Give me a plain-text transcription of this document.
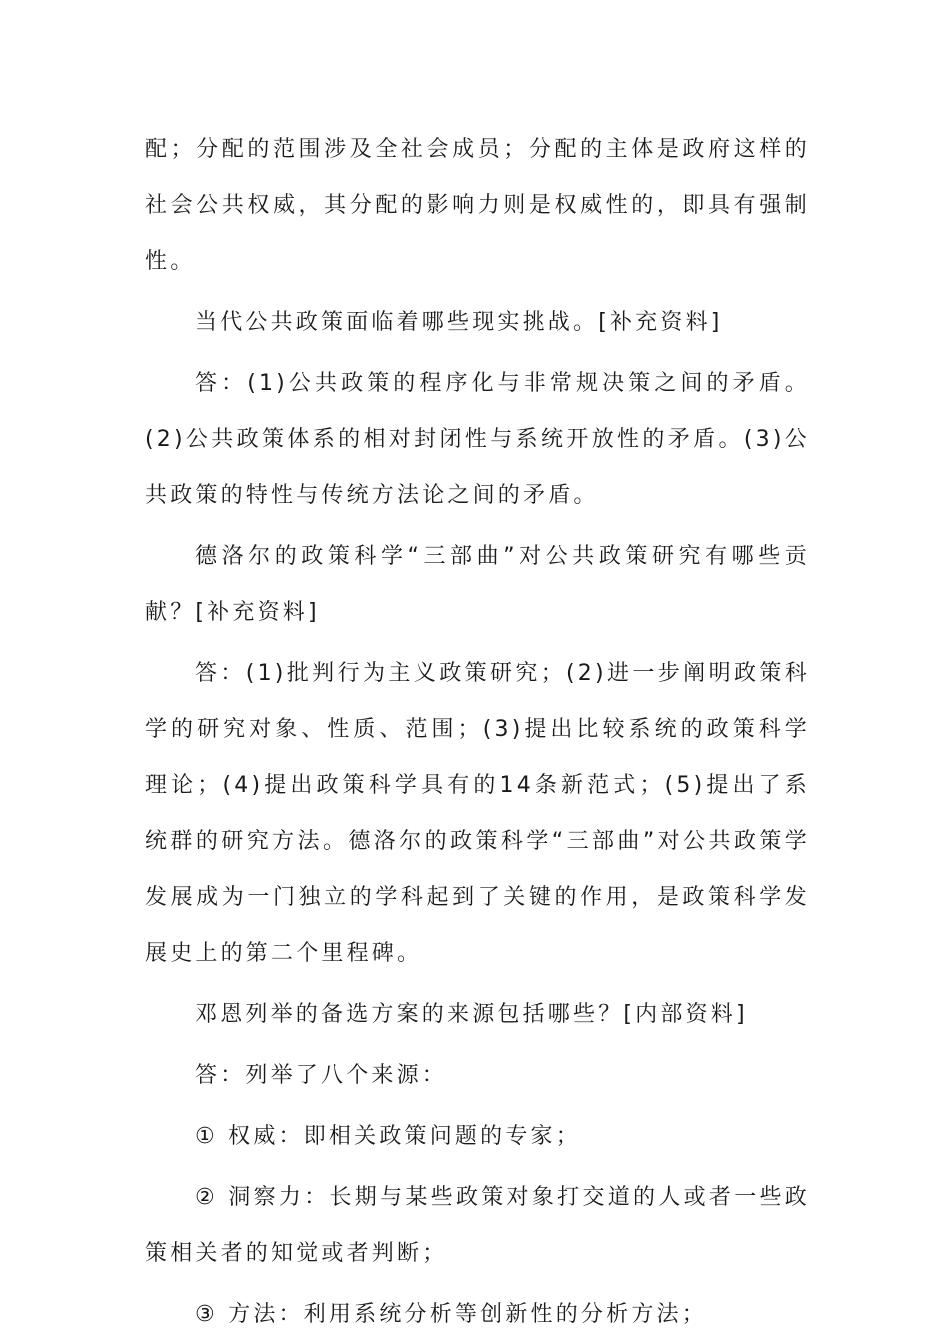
配；分配的范围涉及全社会成员；分配的主体是政府这样的社会公共权威，其分配的影响力则是权威性的，即具有强制性。

当代公共政策面临着哪些现实挑战。[补充资料]

答：(1)公共政策的程序化与非常规决策之间的矛盾。(2)公共政策体系的相对封闭性与系统开放性的矛盾。(3)公共政策的特性与传统方法论之间的矛盾。

德洛尔的政策科学“三部曲”对公共政策研究有哪些贡献？[补充资料]

答：(1)批判行为主义政策研究；(2)进一步阐明政策科学的研究对象、性质、范围；(3)提出比较系统的政策科学理论；(4)提出政策科学具有的14条新范式；(5)提出了系统群的研究方法。德洛尔的政策科学“三部曲”对公共政策学发展成为一门独立的学科起到了关键的作用，是政策科学发展史上的第二个里程碑。

邓恩列举的备选方案的来源包括哪些？[内部资料]

答：列举了八个来源：

① 权威：即相关政策问题的专家；

② 洞察力：长期与某些政策对象打交道的人或者一些政策相关者的知觉或者判断；

③ 方法：利用系统分析等创新性的分析方法；
